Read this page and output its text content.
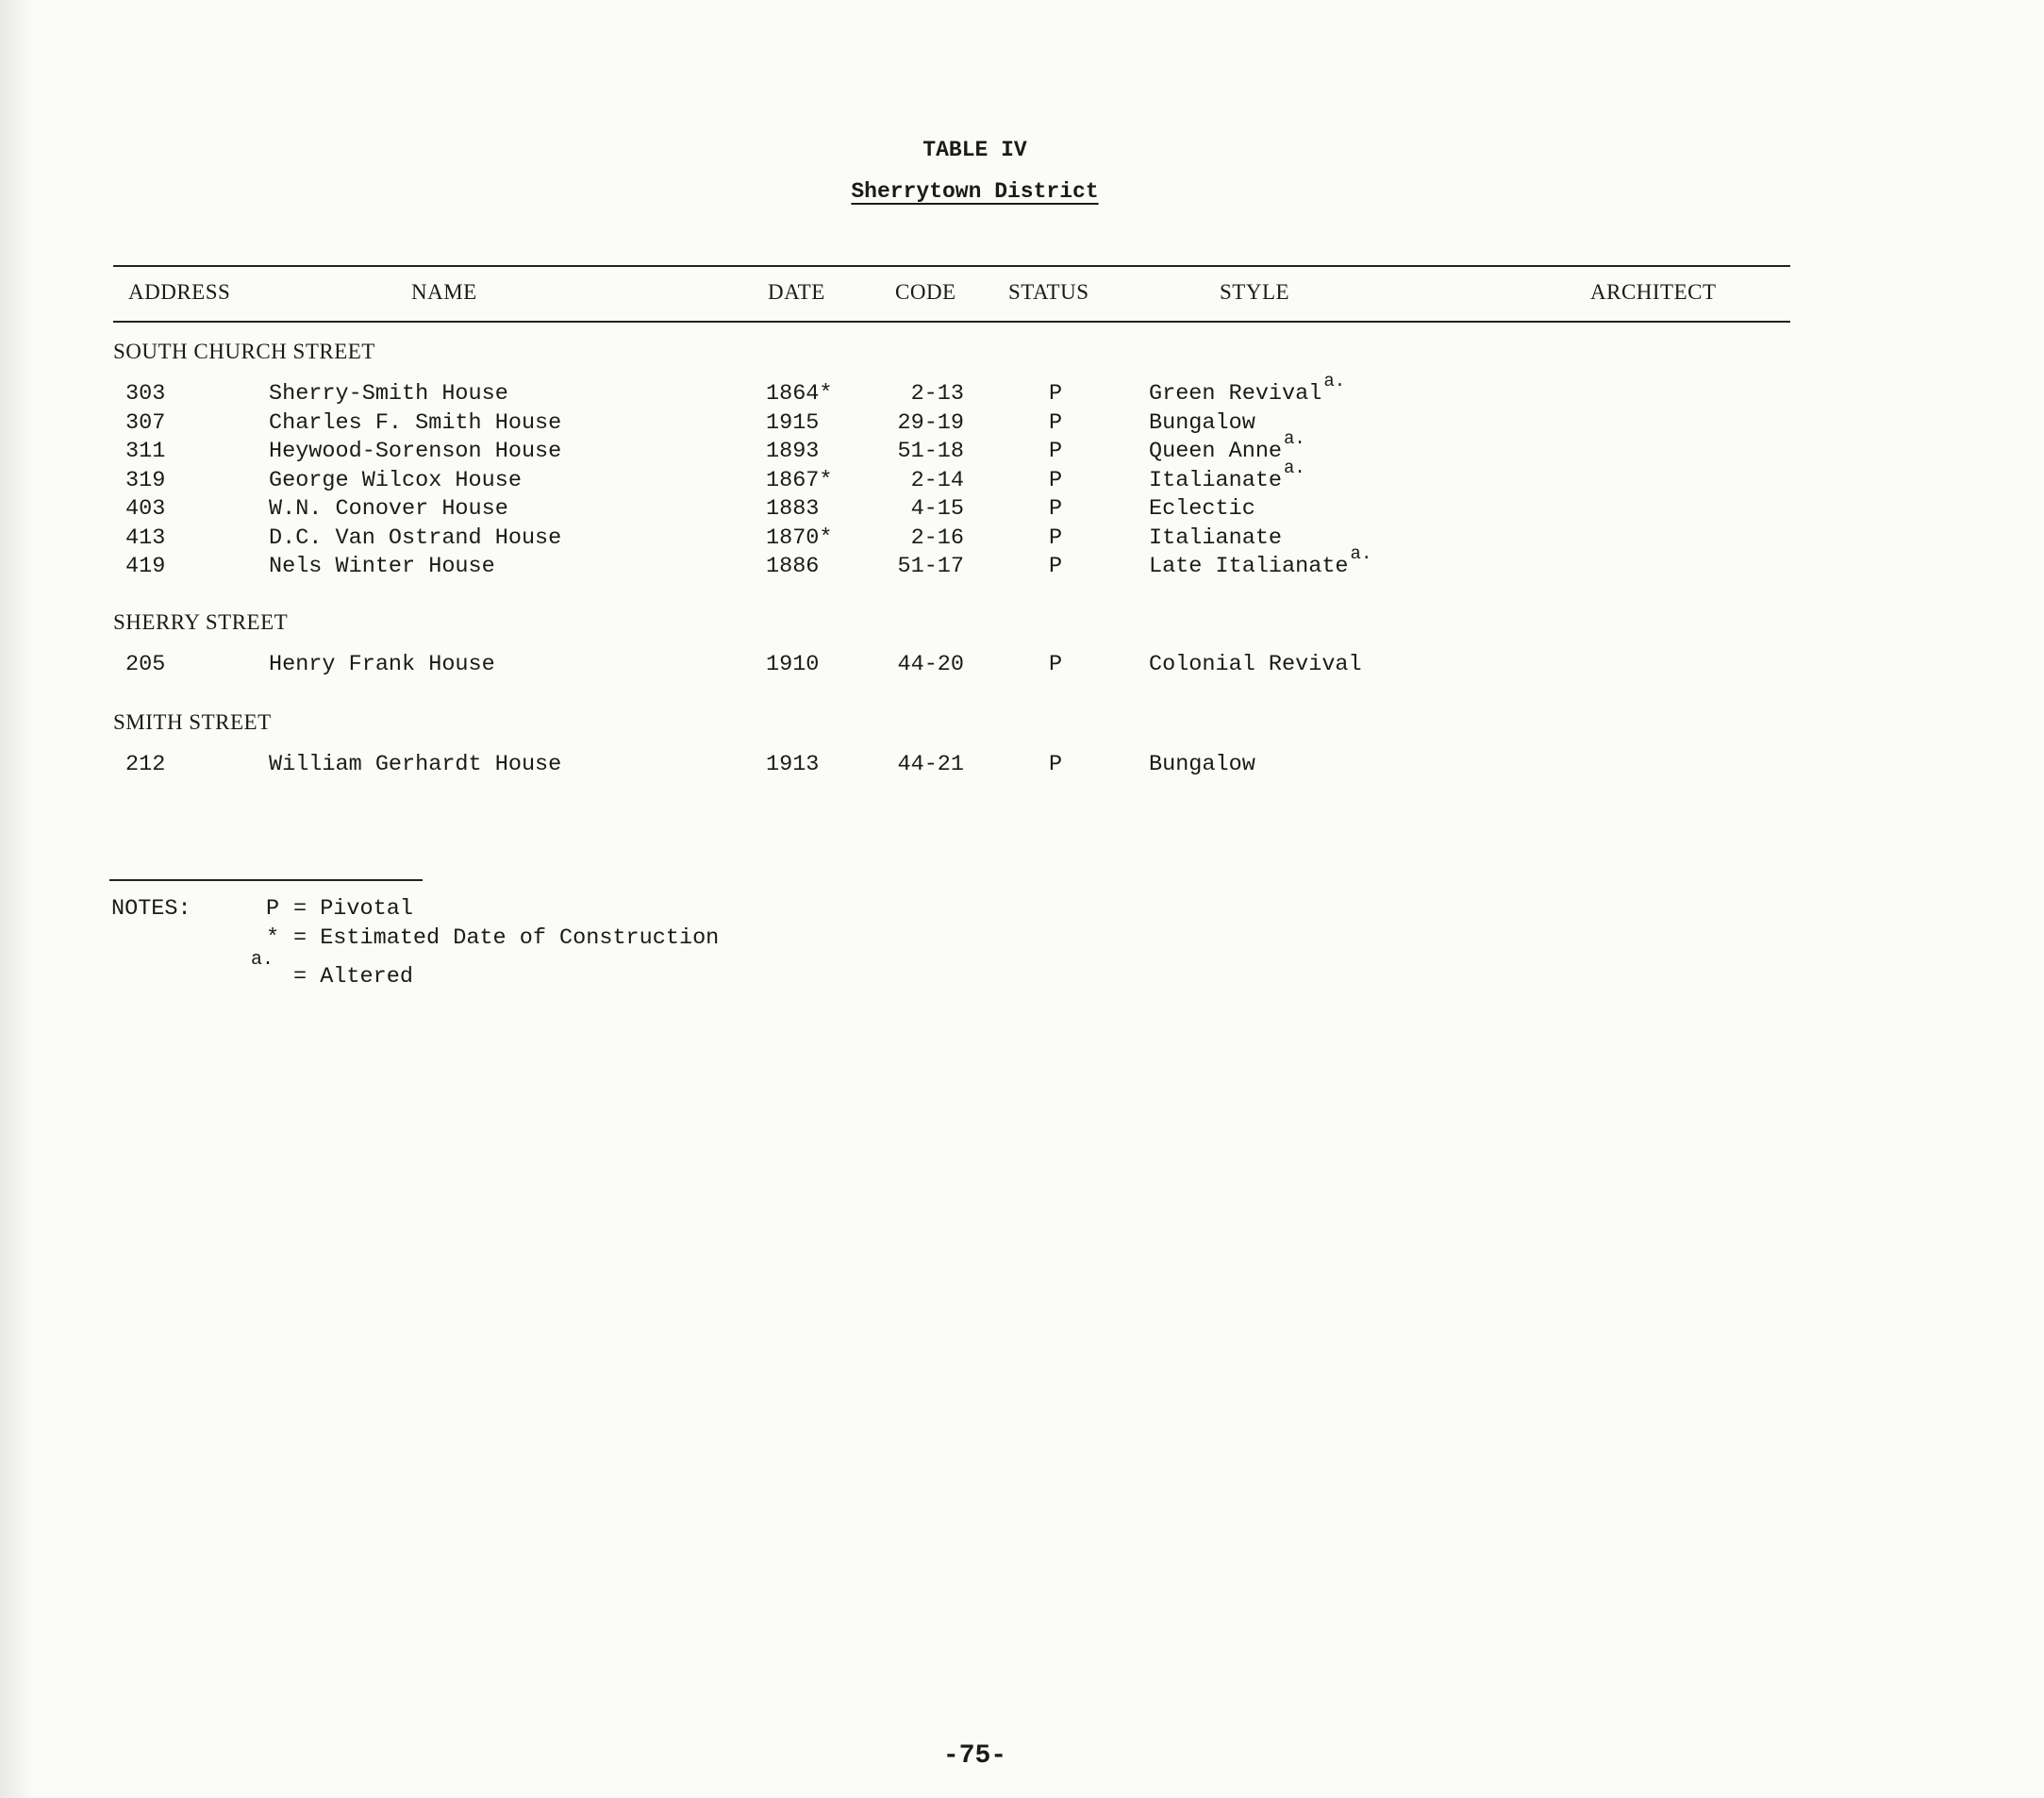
TABLE IV
Sherrytown District
ADDRESS	NAME	DATE	CODE STATUS	STYLE	ARCHITECT
SOUTH CHURCH STREET
303	Sherry-Smith House	1864*	2-13	P	Green Revival $^{a.}$
307	Charles F. Smith House	1915	29-19	P	Bungalow
311	Heywood-Sorenson House	1893	51-18	P	Queen Anne $^{a.}$
319	George Wilcox House	1867*	2-14	P	Italianate $^{a.}$
403	W.N. Conover House	1883	4-15	P	Eclectic
413	D.C. Van Ostrand House	1870*	2-16	P	Italianate
419	Nels Winter House	1886	51-17	P	Late Italianate $^{a.}$
SHERRY STREET
205	Henry Frank House	1910	44-20	P	Colonial Revival
SMITH STREET
212	William Gerhardt House	1913	44-21	P	Bungalow
NOTES:	P = Pivotal
* = Estimated Date of Construction
a.
= Altered
-75-
